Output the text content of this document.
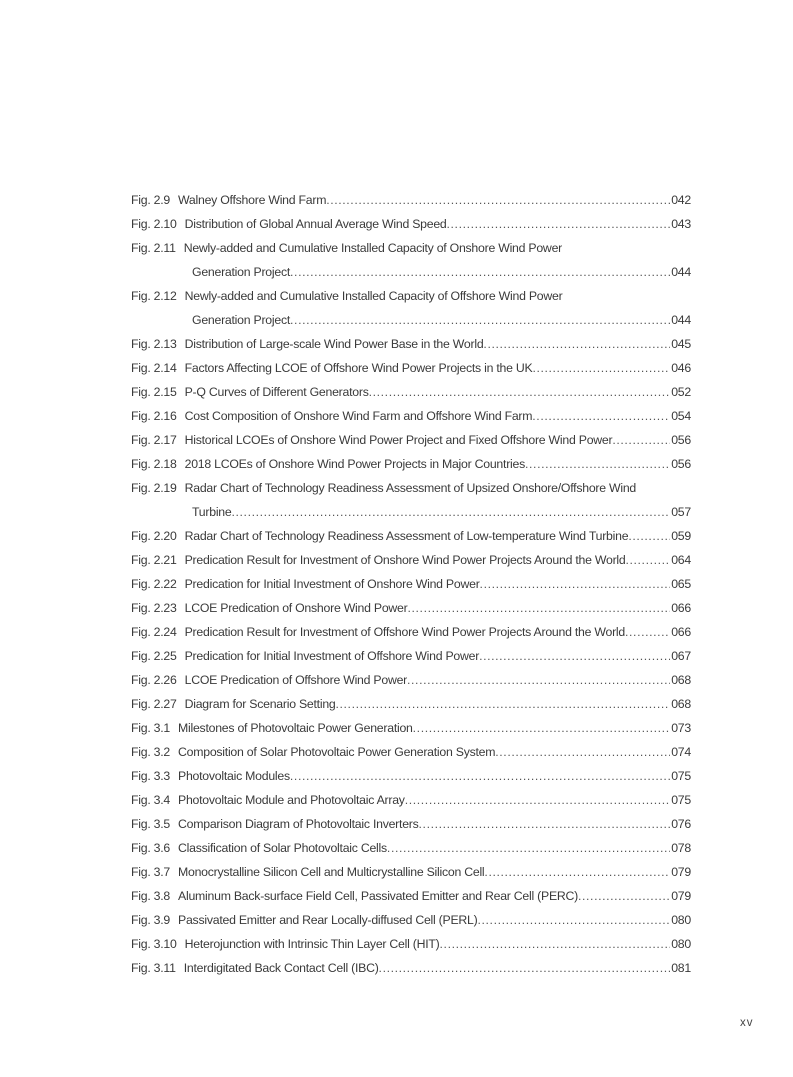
Fig. 2.9 Walney Offshore Wind Farm .....	042
Fig. 2.10 Distribution of Global Annual Average Wind Speed .....	043
Fig. 2.11 Newly-added and Cumulative Installed Capacity of Onshore Wind Power
Generation Project .....	044
Fig. 2.12 Newly-added and Cumulative Installed Capacity of Offshore Wind Power
Generation Project .....	044
Fig. 2.13 Distribution of Large-scale Wind Power Base in the World .....	045
Fig. 2.14 Factors Affecting LCOE of Offshore Wind Power Projects in the UK .....	046
Fig. 2.15 P-Q Curves of Different Generators .....	052
Fig. 2.16 Cost Composition of Onshore Wind Farm and Offshore Wind Farm .....	054
Fig. 2.17 Historical LCOEs of Onshore Wind Power Project and Fixed Offshore Wind Power .....	056
Fig. 2.18 2018 LCOEs of Onshore Wind Power Projects in Major Countries .....	056
Fig. 2.19 Radar Chart of Technology Readiness Assessment of Upsized Onshore/Offshore Wind
Turbine .....	057
Fig. 2.20 Radar Chart of Technology Readiness Assessment of Low-temperature Wind Turbine .....	059
Fig. 2.21 Predication Result for Investment of Onshore Wind Power Projects Around the World .....	064
Fig. 2.22 Predication for Initial Investment of Onshore Wind Power .....	065
Fig. 2.23 LCOE Predication of Onshore Wind Power .....	066
Fig. 2.24 Predication Result for Investment of Offshore Wind Power Projects Around the World .....	066
Fig. 2.25 Predication for Initial Investment of Offshore Wind Power .....	067
Fig. 2.26 LCOE Predication of Offshore Wind Power .....	068
Fig. 2.27 Diagram for Scenario Setting .....	068
Fig. 3.1 Milestones of Photovoltaic Power Generation .....	073
Fig. 3.2 Composition of Solar Photovoltaic Power Generation System .....	074
Fig. 3.3 Photovoltaic Modules .....	075
Fig. 3.4 Photovoltaic Module and Photovoltaic Array .....	075
Fig. 3.5 Comparison Diagram of Photovoltaic Inverters .....	076
Fig. 3.6 Classification of Solar Photovoltaic Cells .....	078
Fig. 3.7 Monocrystalline Silicon Cell and Multicrystalline Silicon Cell .....	079
Fig. 3.8 Aluminum Back-surface Field Cell, Passivated Emitter and Rear Cell (PERC) .....	079
Fig. 3.9 Passivated Emitter and Rear Locally-diffused Cell (PERL) .....	080
Fig. 3.10 Heterojunction with Intrinsic Thin Layer Cell (HIT) .....	080
Fig. 3.11 Interdigitated Back Contact Cell (IBC) .....	081
xv
